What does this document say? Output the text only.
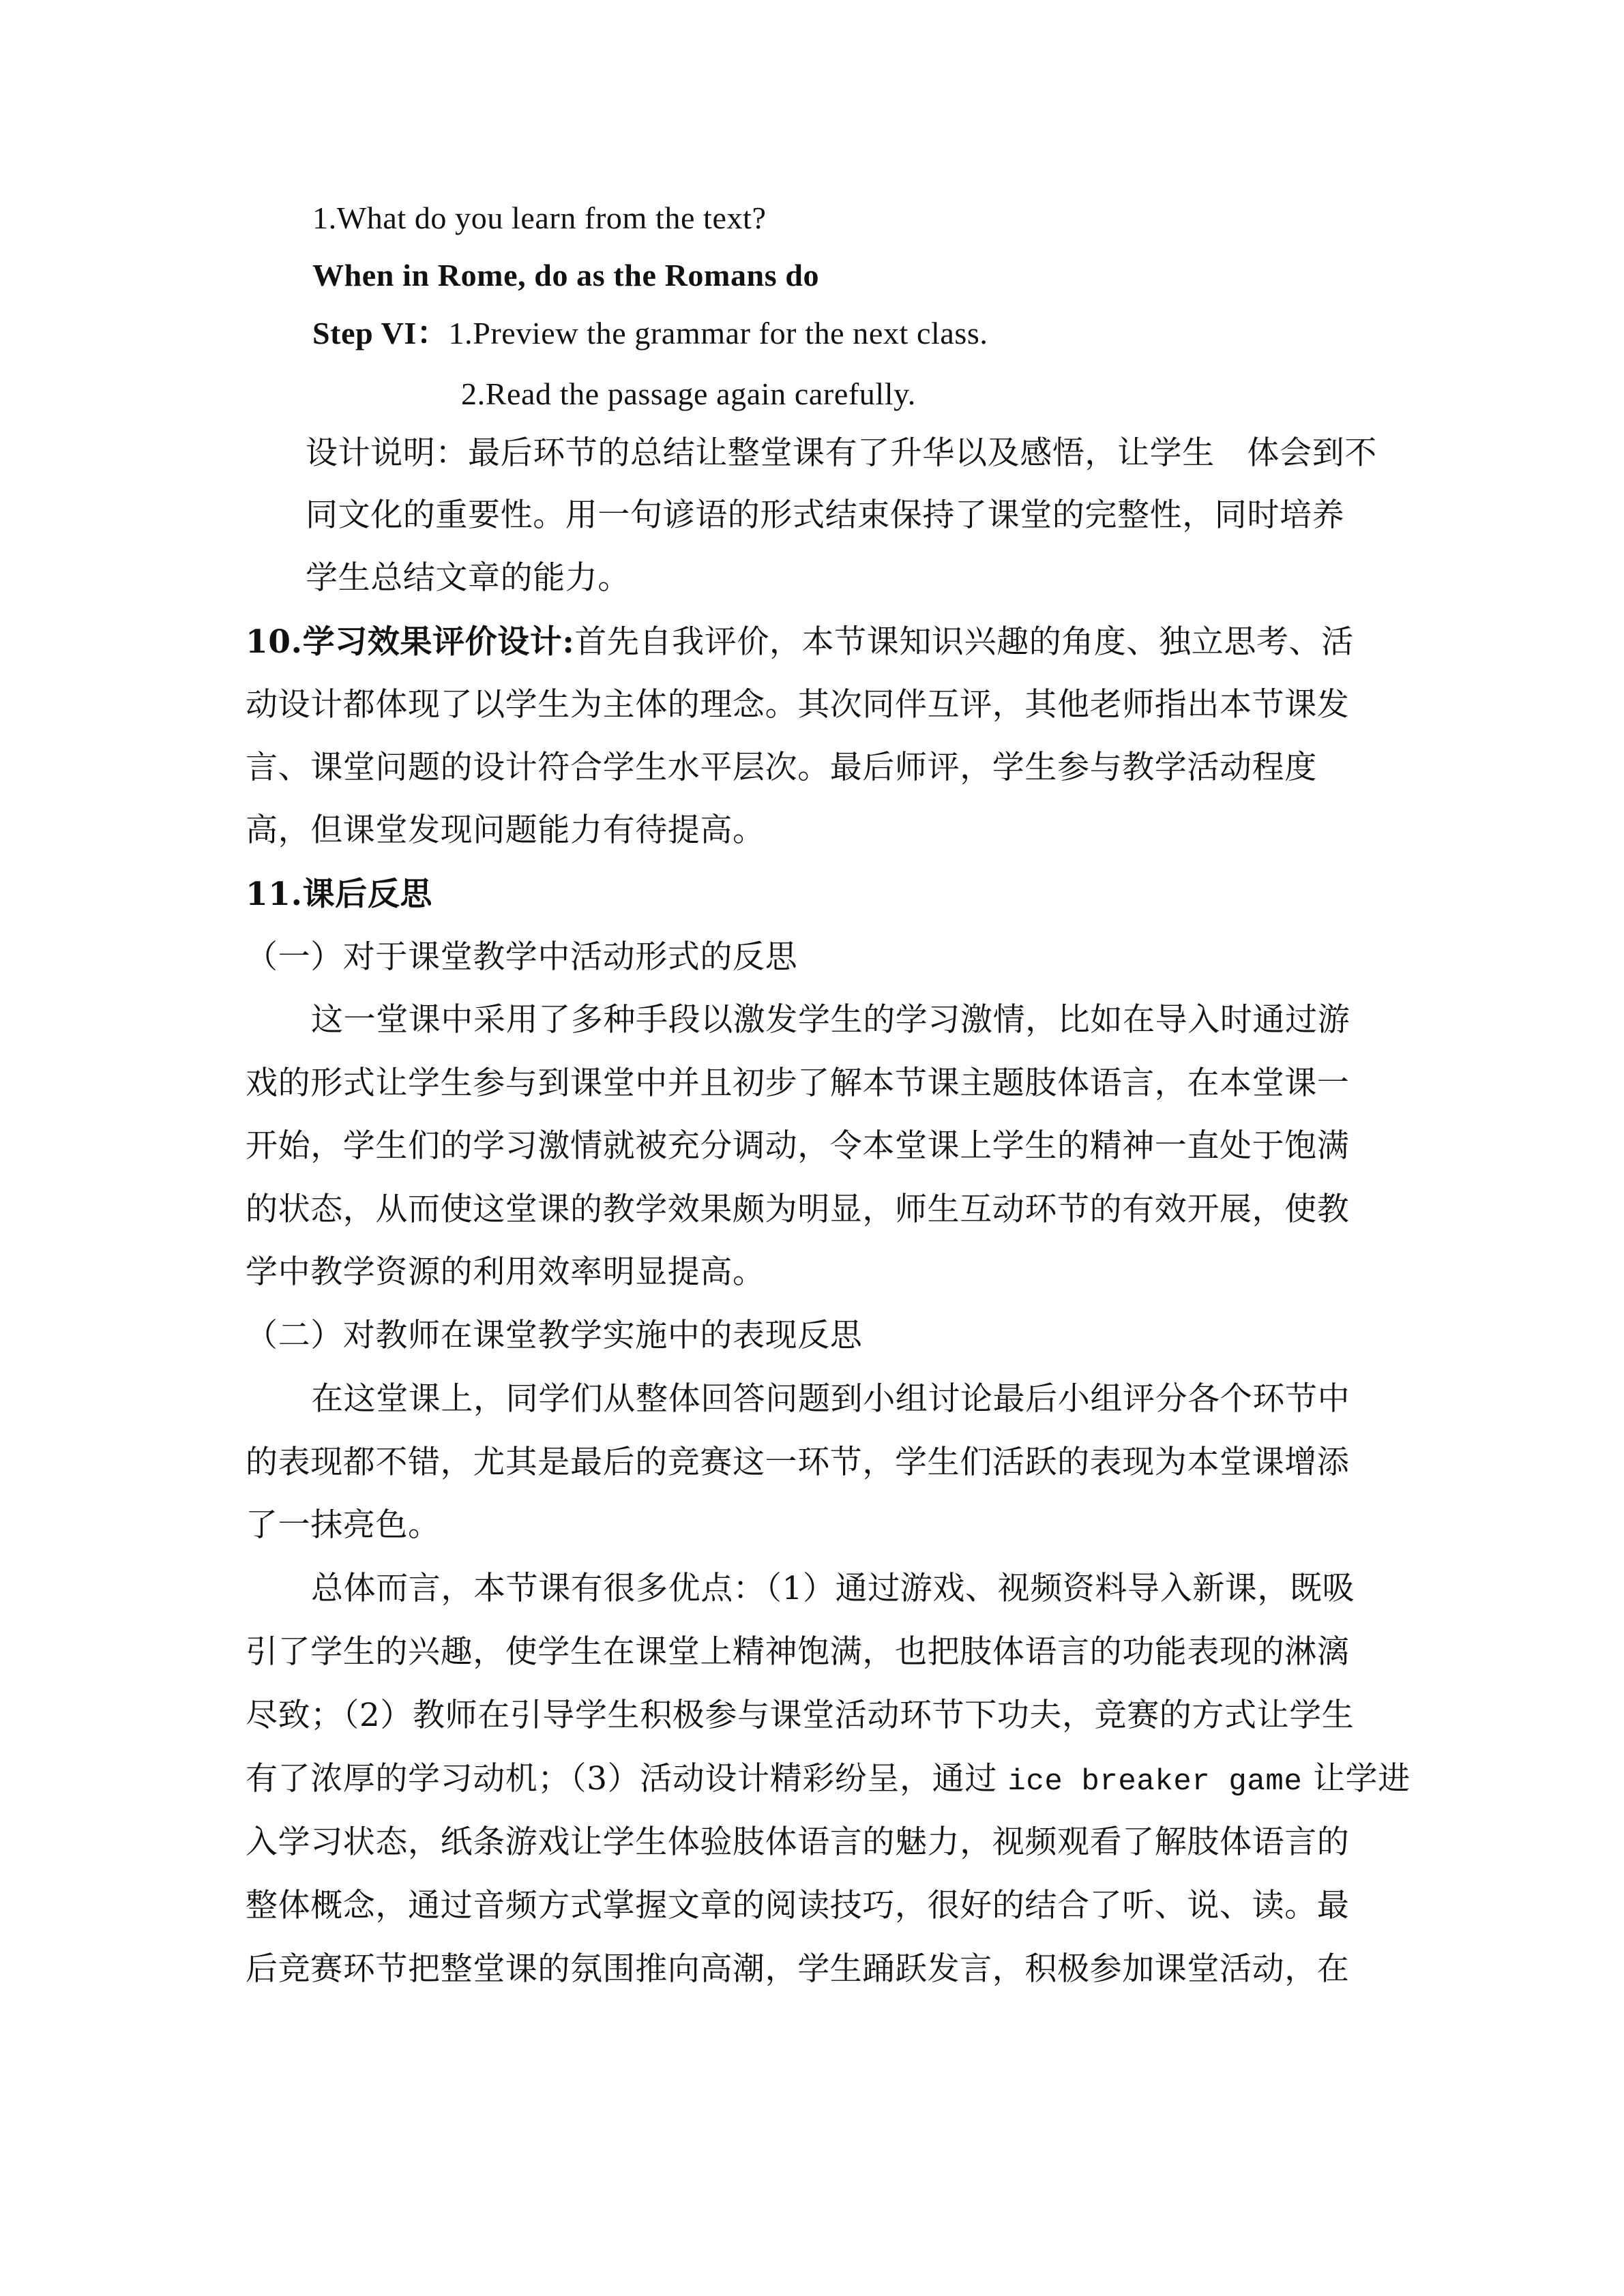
1.What do you learn from the text?
When in Rome, do as the Romans do
Step VI：1.Preview the grammar for the next class.
2.Read the passage again carefully.
设计说明：最后环节的总结让整堂课有了升华以及感悟，让学生　体会到不
同文化的重要性。用一句谚语的形式结束保持了课堂的完整性，同时培养
学生总结文章的能力。
10.学习效果评价设计:首先自我评价，本节课知识兴趣的角度、独立思考、活
动设计都体现了以学生为主体的理念。其次同伴互评，其他老师指出本节课发
言、课堂问题的设计符合学生水平层次。最后师评，学生参与教学活动程度
高，但课堂发现问题能力有待提高。
11.课后反思
（一）对于课堂教学中活动形式的反思
这一堂课中采用了多种手段以激发学生的学习激情，比如在导入时通过游
戏的形式让学生参与到课堂中并且初步了解本节课主题肢体语言，在本堂课一
开始，学生们的学习激情就被充分调动，令本堂课上学生的精神一直处于饱满
的状态，从而使这堂课的教学效果颇为明显，师生互动环节的有效开展，使教
学中教学资源的利用效率明显提高。
（二）对教师在课堂教学实施中的表现反思
在这堂课上，同学们从整体回答问题到小组讨论最后小组评分各个环节中
的表现都不错，尤其是最后的竞赛这一环节，学生们活跃的表现为本堂课增添
了一抹亮色。
总体而言，本节课有很多优点：（1）通过游戏、视频资料导入新课，既吸
引了学生的兴趣，使学生在课堂上精神饱满，也把肢体语言的功能表现的淋漓
尽致；（2）教师在引导学生积极参与课堂活动环节下功夫，竞赛的方式让学生
有了浓厚的学习动机；（3）活动设计精彩纷呈，通过 ice breaker game 让学进
入学习状态，纸条游戏让学生体验肢体语言的魅力，视频观看了解肢体语言的
整体概念，通过音频方式掌握文章的阅读技巧，很好的结合了听、说、读。最
后竞赛环节把整堂课的氛围推向高潮，学生踊跃发言，积极参加课堂活动，在
